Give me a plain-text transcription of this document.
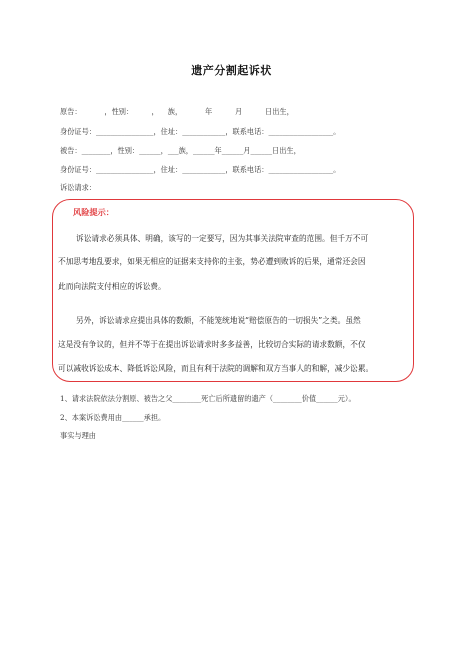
遗产分割起诉状
原告：          ，性别：        ，    族，          年          月          日出生，
身份证号：________________，住址：____________，联系电话：__________________。
被告：________，性别：______，___族，______年______月______日出生，
身份证号：________________，住址：____________，联系电话：__________________。
诉讼请求：
风险提示：
诉讼请求必须具体、明确，该写的一定要写，因为其事关法院审查的范围。但千万不可
不加思考地乱要求，如果无相应的证据来支持你的主张，势必遭到败诉的后果，通常还会因
此而向法院支付相应的诉讼费。
另外，诉讼请求应提出具体的数额，不能笼统地说“赔偿原告的一切损失”之类。虽然
这是没有争议的，但并不等于在提出诉讼请求时多多益善，比较切合实际的请求数额，不仅
可以减收诉讼成本、降低诉讼风险，而且有利于法院的调解和双方当事人的和解，减少讼累。
1、请求法院依法分割原、被告之父________死亡后所遗留的遗产（________价值______元）。
2、本案诉讼费用由______承担。
事实与理由
